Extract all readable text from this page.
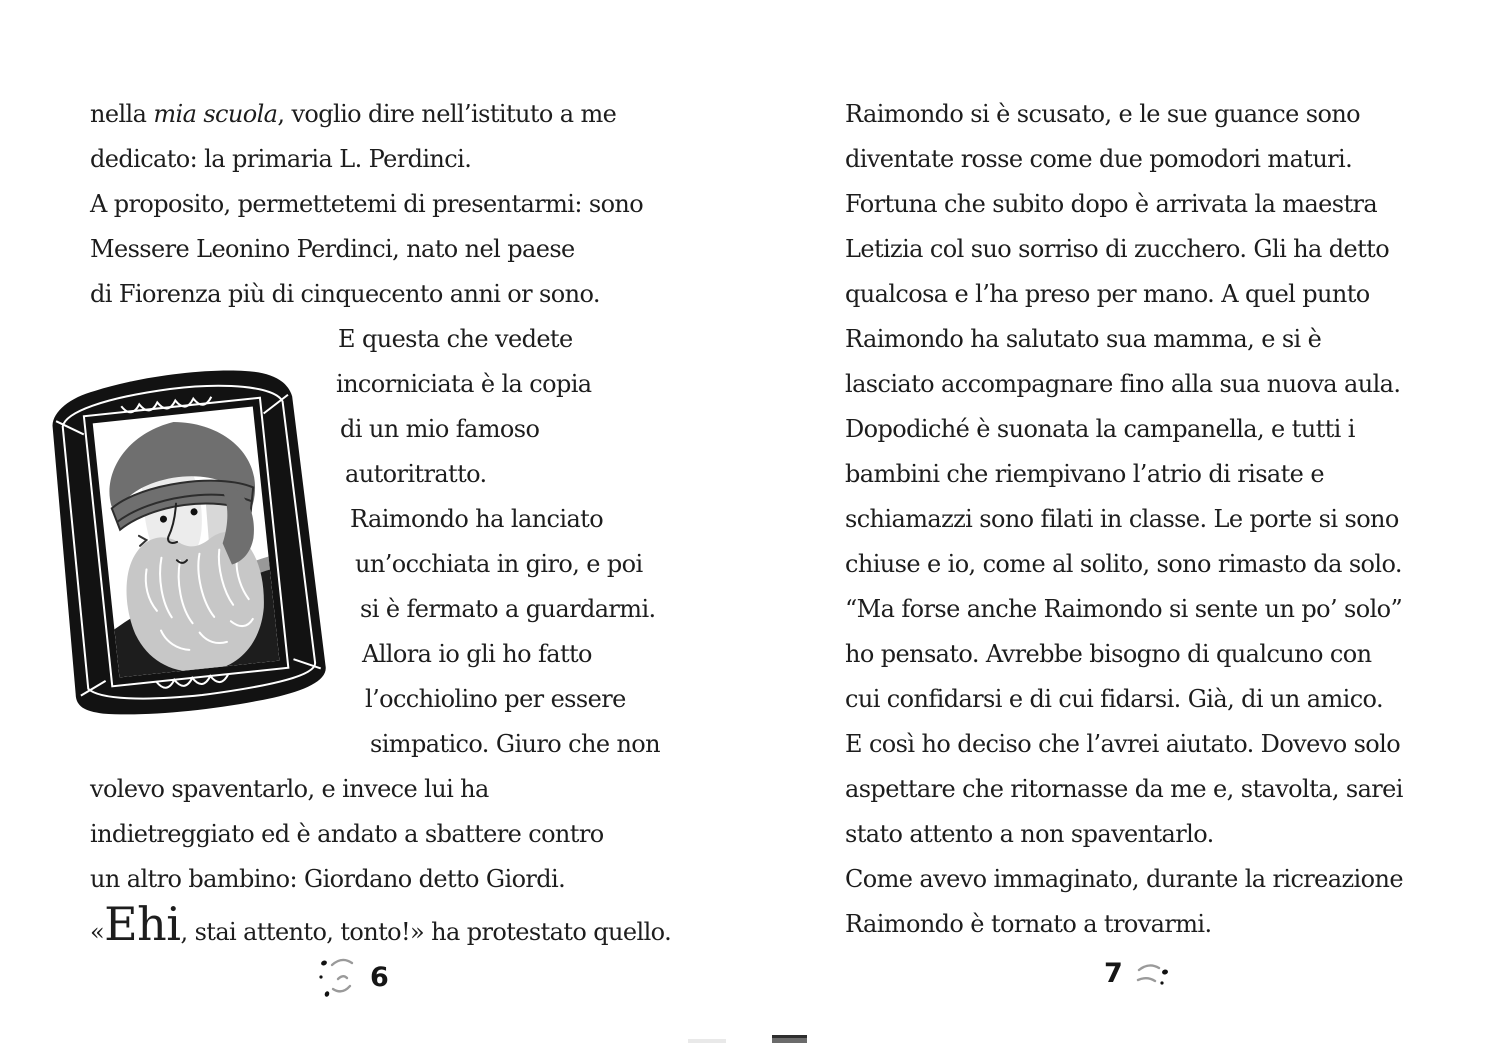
nella mia scuola, voglio dire nell’istituto a me
dedicato: la primaria L. Perdinci.
A proposito, permettetemi di presentarmi: sono
Messere Leonino Perdinci, nato nel paese
di Fiorenza più di cinquecento anni or sono.
E questa che vedete
incorniciata è la copia
di un mio famoso
autoritratto.
Raimondo ha lanciato
un’occhiata in giro, e poi
si è fermato a guardarmi.
Allora io gli ho fatto
l’occhiolino per essere
simpatico. Giuro che non
volevo spaventarlo, e invece lui ha
indietreggiato ed è andato a sbattere contro
un altro bambino: Giordano detto Giordi.
«Ehi, stai attento, tonto!» ha protestato quello.
Raimondo si è scusato, e le sue guance sono
diventate rosse come due pomodori maturi.
Fortuna che subito dopo è arrivata la maestra
Letizia col suo sorriso di zucchero. Gli ha detto
qualcosa e l’ha preso per mano. A quel punto
Raimondo ha salutato sua mamma, e si è
lasciato accompagnare fino alla sua nuova aula.
Dopodiché è suonata la campanella, e tutti i
bambini che riempivano l’atrio di risate e
schiamazzi sono filati in classe. Le porte si sono
chiuse e io, come al solito, sono rimasto da solo.
“Ma forse anche Raimondo si sente un po’ solo”
ho pensato. Avrebbe bisogno di qualcuno con
cui confidarsi e di cui fidarsi. Già, di un amico.
E così ho deciso che l’avrei aiutato. Dovevo solo
aspettare che ritornasse da me e, stavolta, sarei
stato attento a non spaventarlo.
Come avevo immaginato, durante la ricreazione
Raimondo è tornato a trovarmi.
6	7
